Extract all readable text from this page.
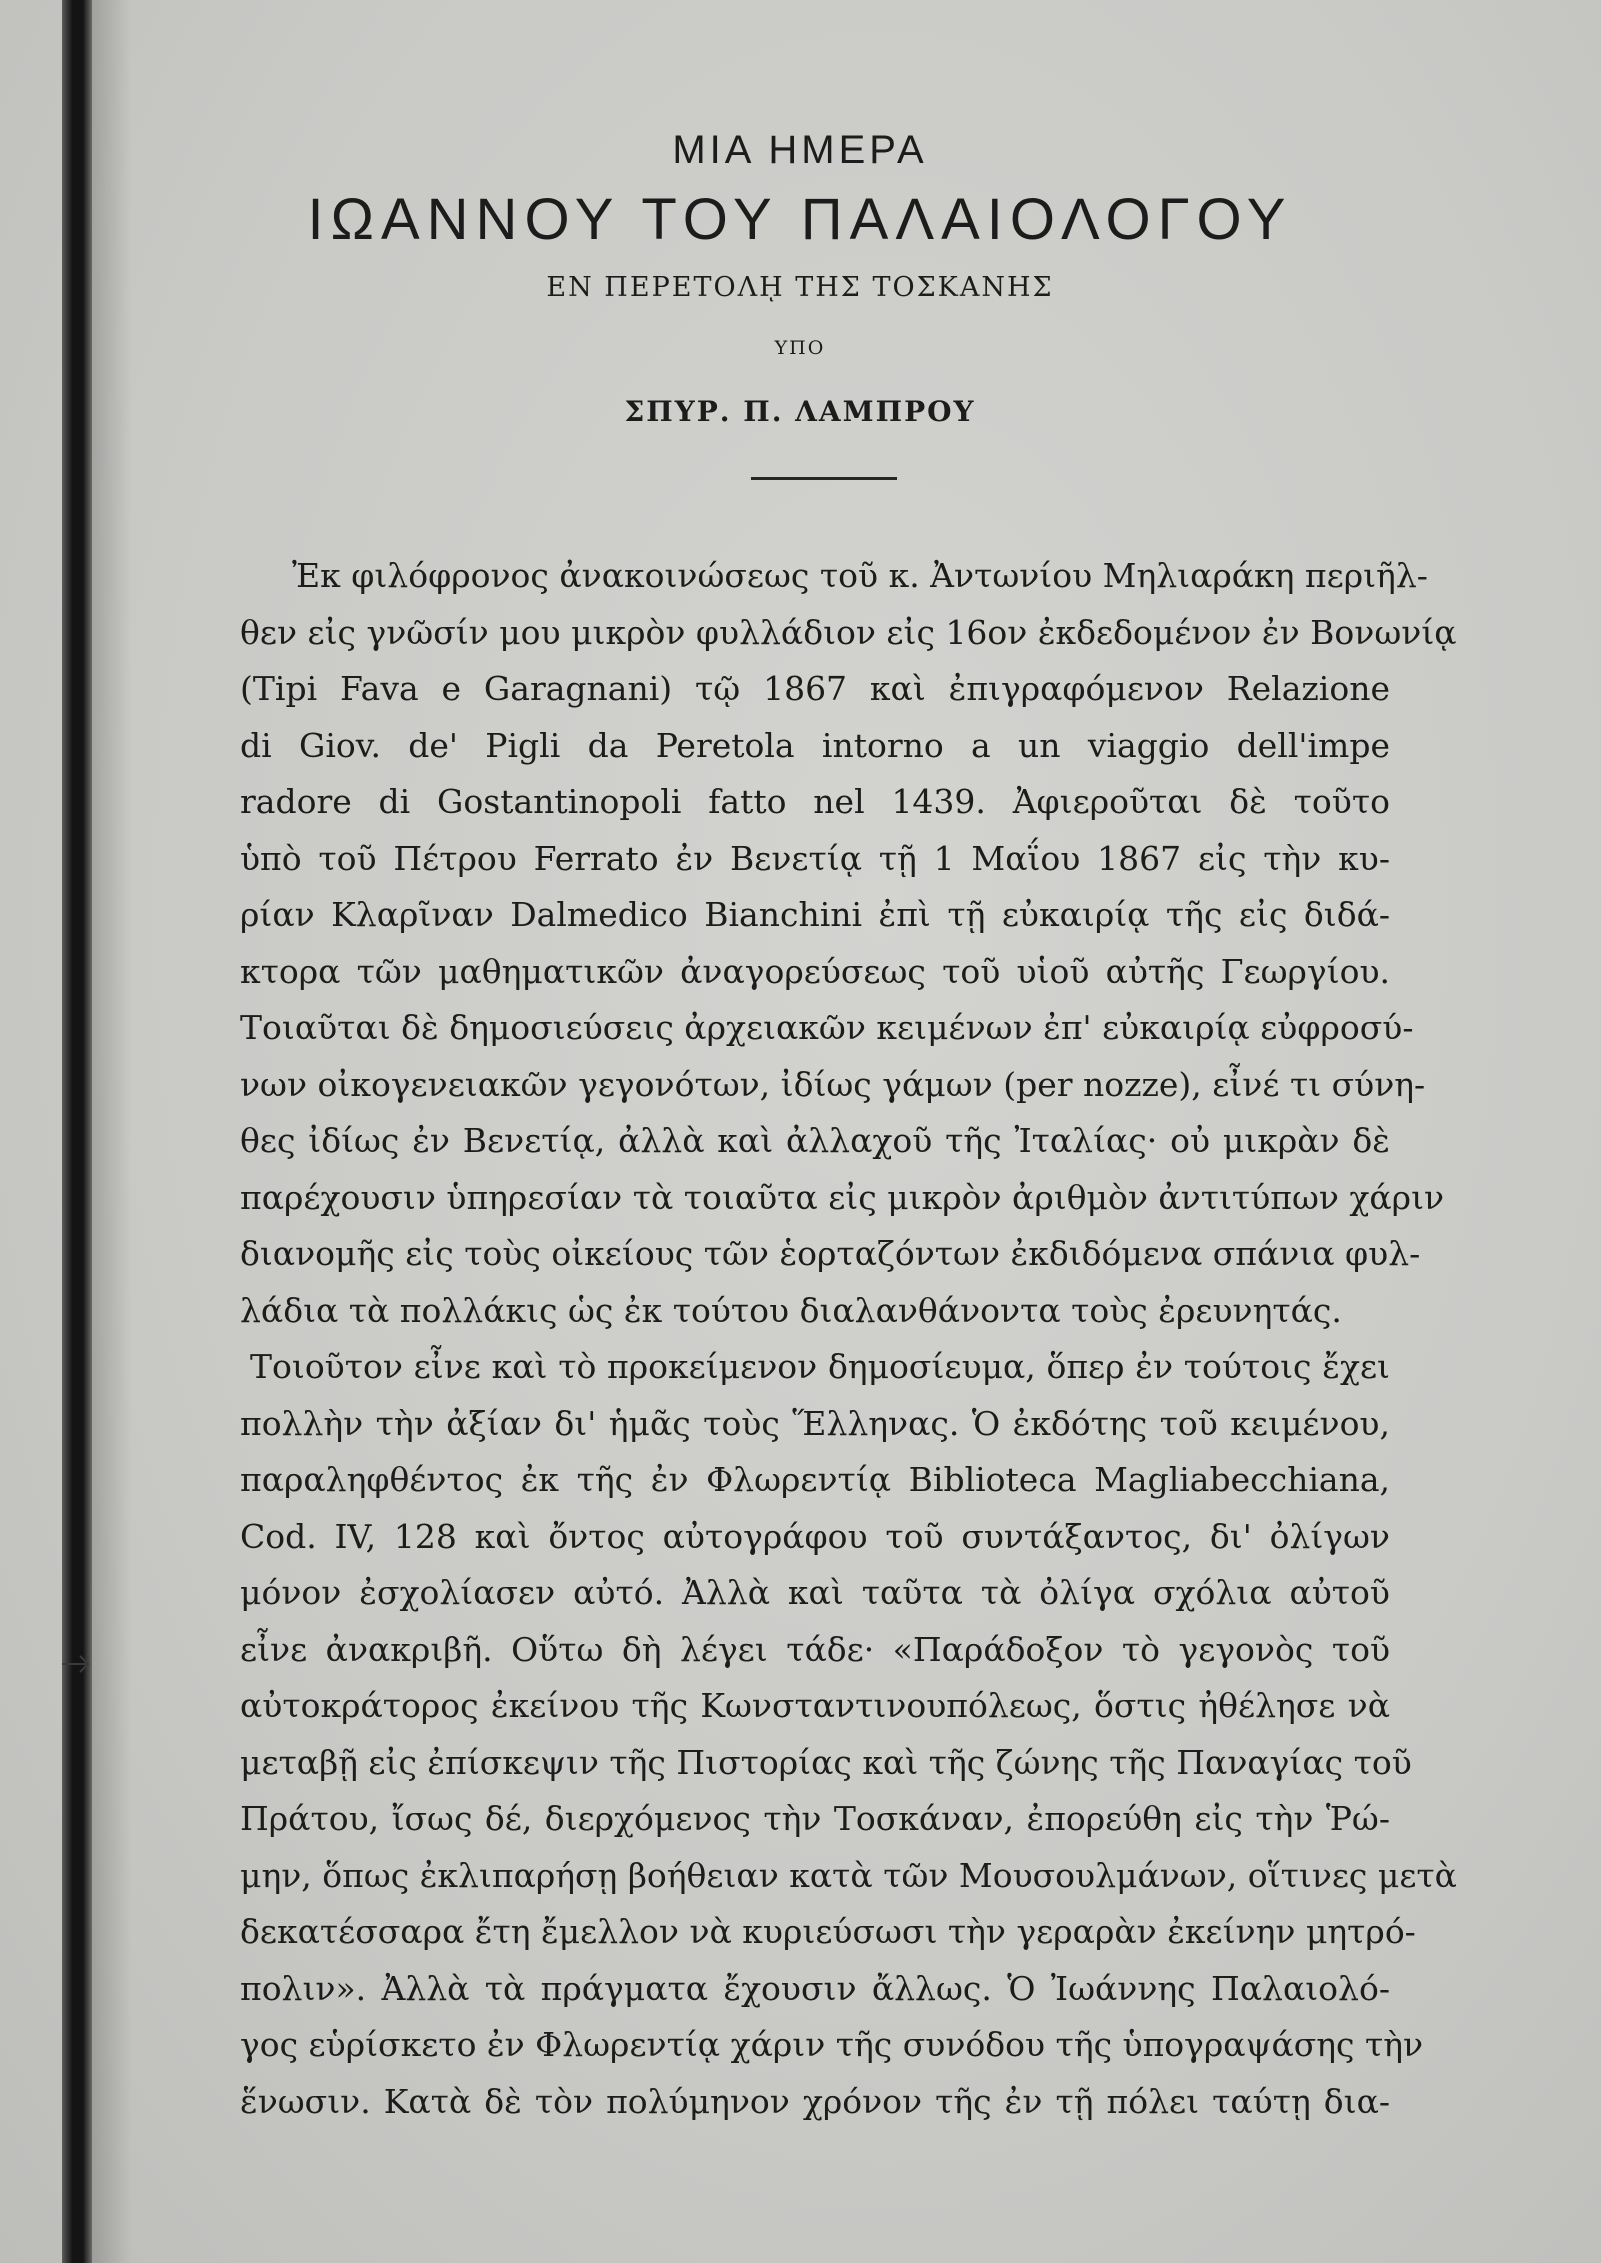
ΜΙΑ ΗΜΕΡΑ
ΙΩΑΝΝΟΥ ΤΟΥ ΠΑΛΑΙΟΛΟΓΟΥ
ΕΝ ΠΕΡΕΤΟΛῌ ΤΗΣ ΤΟΣΚΑΝΗΣ
ΥΠΟ
ΣΠΥΡ. Π. ΛΑΜΠΡΟΥ
Ἐκ φιλόφρονος ἀνακοινώσεως τοῦ κ. Ἀντωνίου Μηλιαράκη περιῆλ-
θεν εἰς γνῶσίν μου μικρὸν φυλλάδιον εἰς 16ον ἐκδεδομένον ἐν Βονωνίᾳ
(Tipi Fava e Garagnani) τῷ 1867 καὶ ἐπιγραφόμενον Relazione
di Giov. de' Pigli da Peretola intorno a un viaggio dell'impe
radore di Gostantinopoli fatto nel 1439. Ἀφιεροῦται δὲ τοῦτο
ὑπὸ τοῦ Πέτρου Ferrato ἐν Βενετίᾳ τῇ 1 Μαΐου 1867 εἰς τὴν κυ-
ρίαν Κλαρῖναν Dalmedico Bianchini ἐπὶ τῇ εὐκαιρίᾳ τῆς εἰς διδά-
κτορα τῶν μαθηματικῶν ἀναγορεύσεως τοῦ υἱοῦ αὐτῆς Γεωργίου.
Τοιαῦται δὲ δημοσιεύσεις ἀρχειακῶν κειμένων ἐπ' εὐκαιρίᾳ εὐφροσύ-
νων οἰκογενειακῶν γεγονότων, ἰδίως γάμων (per nozze), εἶνέ τι σύνη-
θες ἰδίως ἐν Βενετίᾳ, ἀλλὰ καὶ ἀλλαχοῦ τῆς Ἰταλίας· οὐ μικρὰν δὲ
παρέχουσιν ὑπηρεσίαν τὰ τοιαῦτα εἰς μικρὸν ἀριθμὸν ἀντιτύπων χάριν
διανομῆς εἰς τοὺς οἰκείους τῶν ἑορταζόντων ἐκδιδόμενα σπάνια φυλ-
λάδια τὰ πολλάκις ὡς ἐκ τούτου διαλανθάνοντα τοὺς ἐρευνητάς.
Τοιοῦτον εἶνε καὶ τὸ προκείμενον δημοσίευμα, ὅπερ ἐν τούτοις ἔχει
πολλὴν τὴν ἀξίαν δι' ἡμᾶς τοὺς Ἕλληνας. Ὁ ἐκδότης τοῦ κειμένου,
παραληφθέντος ἐκ τῆς ἐν Φλωρεντίᾳ Biblioteca Magliabecchiana,
Cod. IV, 128 καὶ ὄντος αὐτογράφου τοῦ συντάξαντος, δι' ὀλίγων
μόνον ἐσχολίασεν αὐτό. Ἀλλὰ καὶ ταῦτα τὰ ὀλίγα σχόλια αὐτοῦ
εἶνε ἀνακριβῆ. Οὕτω δὴ λέγει τάδε· «Παράδοξον τὸ γεγονὸς τοῦ
αὐτοκράτορος ἐκείνου τῆς Κωνσταντινουπόλεως, ὅστις ἠθέλησε νὰ
μεταβῇ εἰς ἐπίσκεψιν τῆς Πιστορίας καὶ τῆς ζώνης τῆς Παναγίας τοῦ
Πράτου, ἴσως δέ, διερχόμενος τὴν Τοσκάναν, ἐπορεύθη εἰς τὴν Ῥώ-
μην, ὅπως ἐκλιπαρήσῃ βοήθειαν κατὰ τῶν Μουσουλμάνων, οἵτινες μετὰ
δεκατέσσαρα ἔτη ἔμελλον νὰ κυριεύσωσι τὴν γεραρὰν ἐκείνην μητρό-
πολιν». Ἀλλὰ τὰ πράγματα ἔχουσιν ἄλλως. Ὁ Ἰωάννης Παλαιολό-
γος εὑρίσκετο ἐν Φλωρεντίᾳ χάριν τῆς συνόδου τῆς ὑπογραψάσης τὴν
ἕνωσιν. Κατὰ δὲ τὸν πολύμηνον χρόνον τῆς ἐν τῇ πόλει ταύτῃ δια-
